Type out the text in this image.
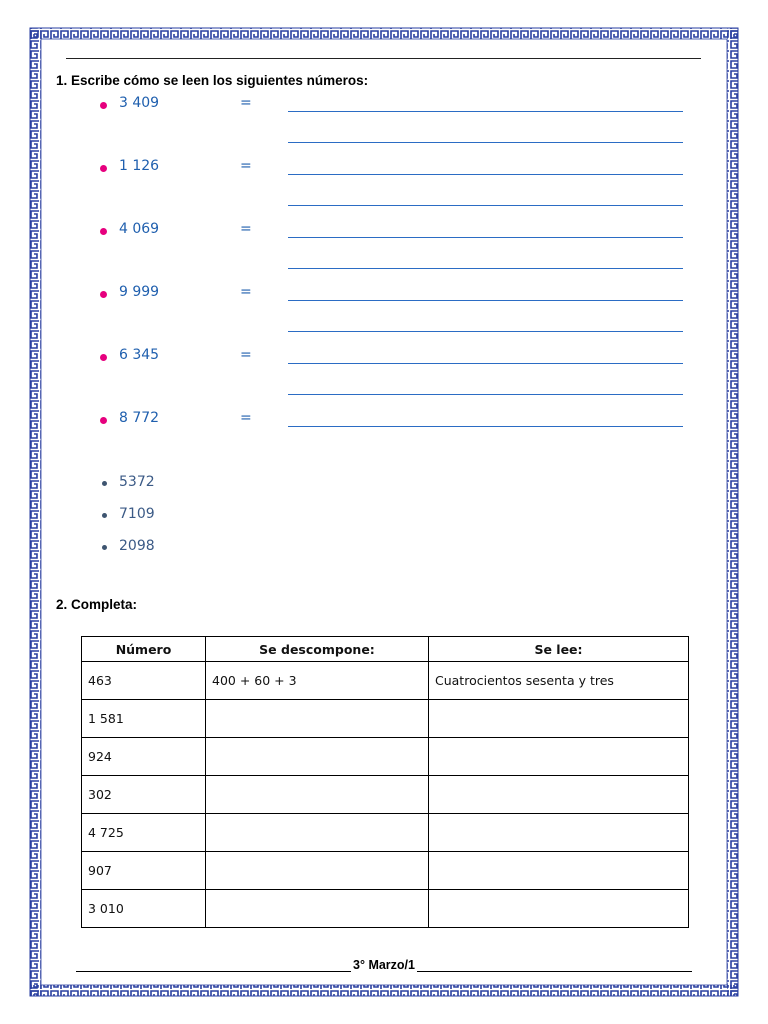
1. Escribe cómo se leen los siguientes números:
3 409	=
1 126	=
4 069	=
9 999	=
6 345	=
8 772	=
5372
7109
2098
2. Completa:
Número	Se descompone:	Se lee:
463	400 + 60 + 3	Cuatrocientos sesenta y tres
1 581		
924		
302		
4 725		
907		
3 010		
3° Marzo/1
